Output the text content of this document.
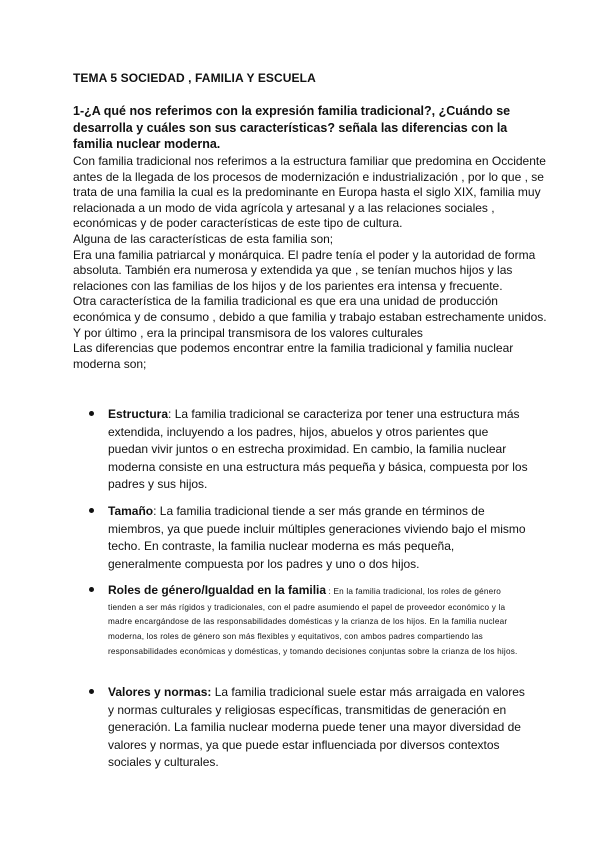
TEMA 5 SOCIEDAD , FAMILIA Y ESCUELA
1-¿A qué nos referimos con la expresión familia tradicional?, ¿Cuándo se desarrolla y cuáles son sus características? señala las diferencias con la familia nuclear moderna.

Con familia tradicional nos referimos a la estructura familiar que predomina en Occidente antes de la llegada de los procesos de modernización e industrialización , por lo que , se trata de una familia la cual es la predominante en Europa hasta el siglo XIX, familia muy relacionada a un modo de vida agrícola y artesanal y a las relaciones sociales , económicas y de poder características de este tipo de cultura.

Alguna de las características de esta familia son;

Era una familia patriarcal y monárquica. El padre tenía el poder y la autoridad de forma absoluta. También era numerosa y extendida ya que , se tenían muchos hijos y las relaciones con las familias de los hijos y de los parientes era intensa y frecuente.

Otra característica de la familia tradicional es que era una unidad de producción económica y de consumo , debido a que familia y trabajo estaban estrechamente unidos. Y por último , era la principal transmisora de los valores culturales

Las diferencias que podemos encontrar entre la familia tradicional y familia nuclear moderna son;

Estructura: La familia tradicional se caracteriza por tener una estructura más extendida, incluyendo a los padres, hijos, abuelos y otros parientes que puedan vivir juntos o en estrecha proximidad. En cambio, la familia nuclear moderna consiste en una estructura más pequeña y básica, compuesta por los padres y sus hijos.
Tamaño: La familia tradicional tiende a ser más grande en términos de miembros, ya que puede incluir múltiples generaciones viviendo bajo el mismo techo. En contraste, la familia nuclear moderna es más pequeña, generalmente compuesta por los padres y uno o dos hijos.
Roles de género/Igualdad en la familia : En la familia tradicional, los roles de género tienden a ser más rígidos y tradicionales, con el padre asumiendo el papel de proveedor económico y la madre encargándose de las responsabilidades domésticas y la crianza de los hijos. En la familia nuclear moderna, los roles de género son más flexibles y equitativos, con ambos padres compartiendo las responsabilidades económicas y domésticas, y tomando decisiones conjuntas sobre la crianza de los hijos.
Valores y normas: La familia tradicional suele estar más arraigada en valores y normas culturales y religiosas específicas, transmitidas de generación en generación. La familia nuclear moderna puede tener una mayor diversidad de valores y normas, ya que puede estar influenciada por diversos contextos sociales y culturales.
